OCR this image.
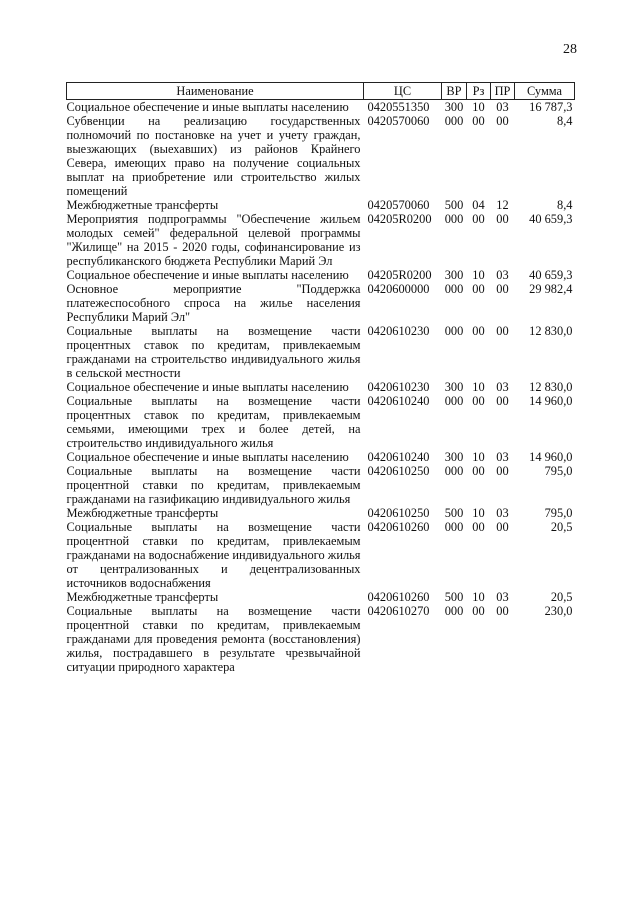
28
Наименование	ЦС	ВР	Рз	ПР	Сумма
Социальное обеспечение и иные выплаты населению	0420551350	300	10	03	16 787,3
Субвенции на реализацию государственных полномочий по постановке на учет и учету граждан, выезжающих (выехавших) из районов Крайнего Севера, имеющих право на получение социальных выплат на приобретение или строительство жилых помещений	0420570060	000	00	00	8,4
Межбюджетные трансферты	0420570060	500	04	12	8,4
Мероприятия подпрограммы "Обеспечение жильем молодых семей" федеральной целевой программы "Жилище" на 2015 - 2020 годы, софинансирование из республиканского бюджета Республики Марий Эл	04205R0200	000	00	00	40 659,3
Социальное обеспечение и иные выплаты населению	04205R0200	300	10	03	40 659,3
Основное мероприятие "Поддержка платежеспособного спроса на жилье населения Республики Марий Эл"	0420600000	000	00	00	29 982,4
Социальные выплаты на возмещение части процентных ставок по кредитам, привлекаемым гражданами на строительство индивидуального жилья в сельской местности	0420610230	000	00	00	12 830,0
Социальное обеспечение и иные выплаты населению	0420610230	300	10	03	12 830,0
Социальные выплаты на возмещение части процентных ставок по кредитам, привлекаемым семьями, имеющими трех и более детей, на строительство индивидуального жилья	0420610240	000	00	00	14 960,0
Социальное обеспечение и иные выплаты населению	0420610240	300	10	03	14 960,0
Социальные выплаты на возмещение части процентной ставки по кредитам, привлекаемым гражданами на газификацию индивидуального жилья	0420610250	000	00	00	795,0
Межбюджетные трансферты	0420610250	500	10	03	795,0
Социальные выплаты на возмещение части процентной ставки по кредитам, привлекаемым гражданами на водоснабжение индивидуального жилья от централизованных и децентрализованных источников водоснабжения	0420610260	000	00	00	20,5
Межбюджетные трансферты	0420610260	500	10	03	20,5
Социальные выплаты на возмещение части процентной ставки по кредитам, привлекаемым гражданами для проведения ремонта (восстановления) жилья, пострадавшего в результате чрезвычайной ситуации природного характера	0420610270	000	00	00	230,0
